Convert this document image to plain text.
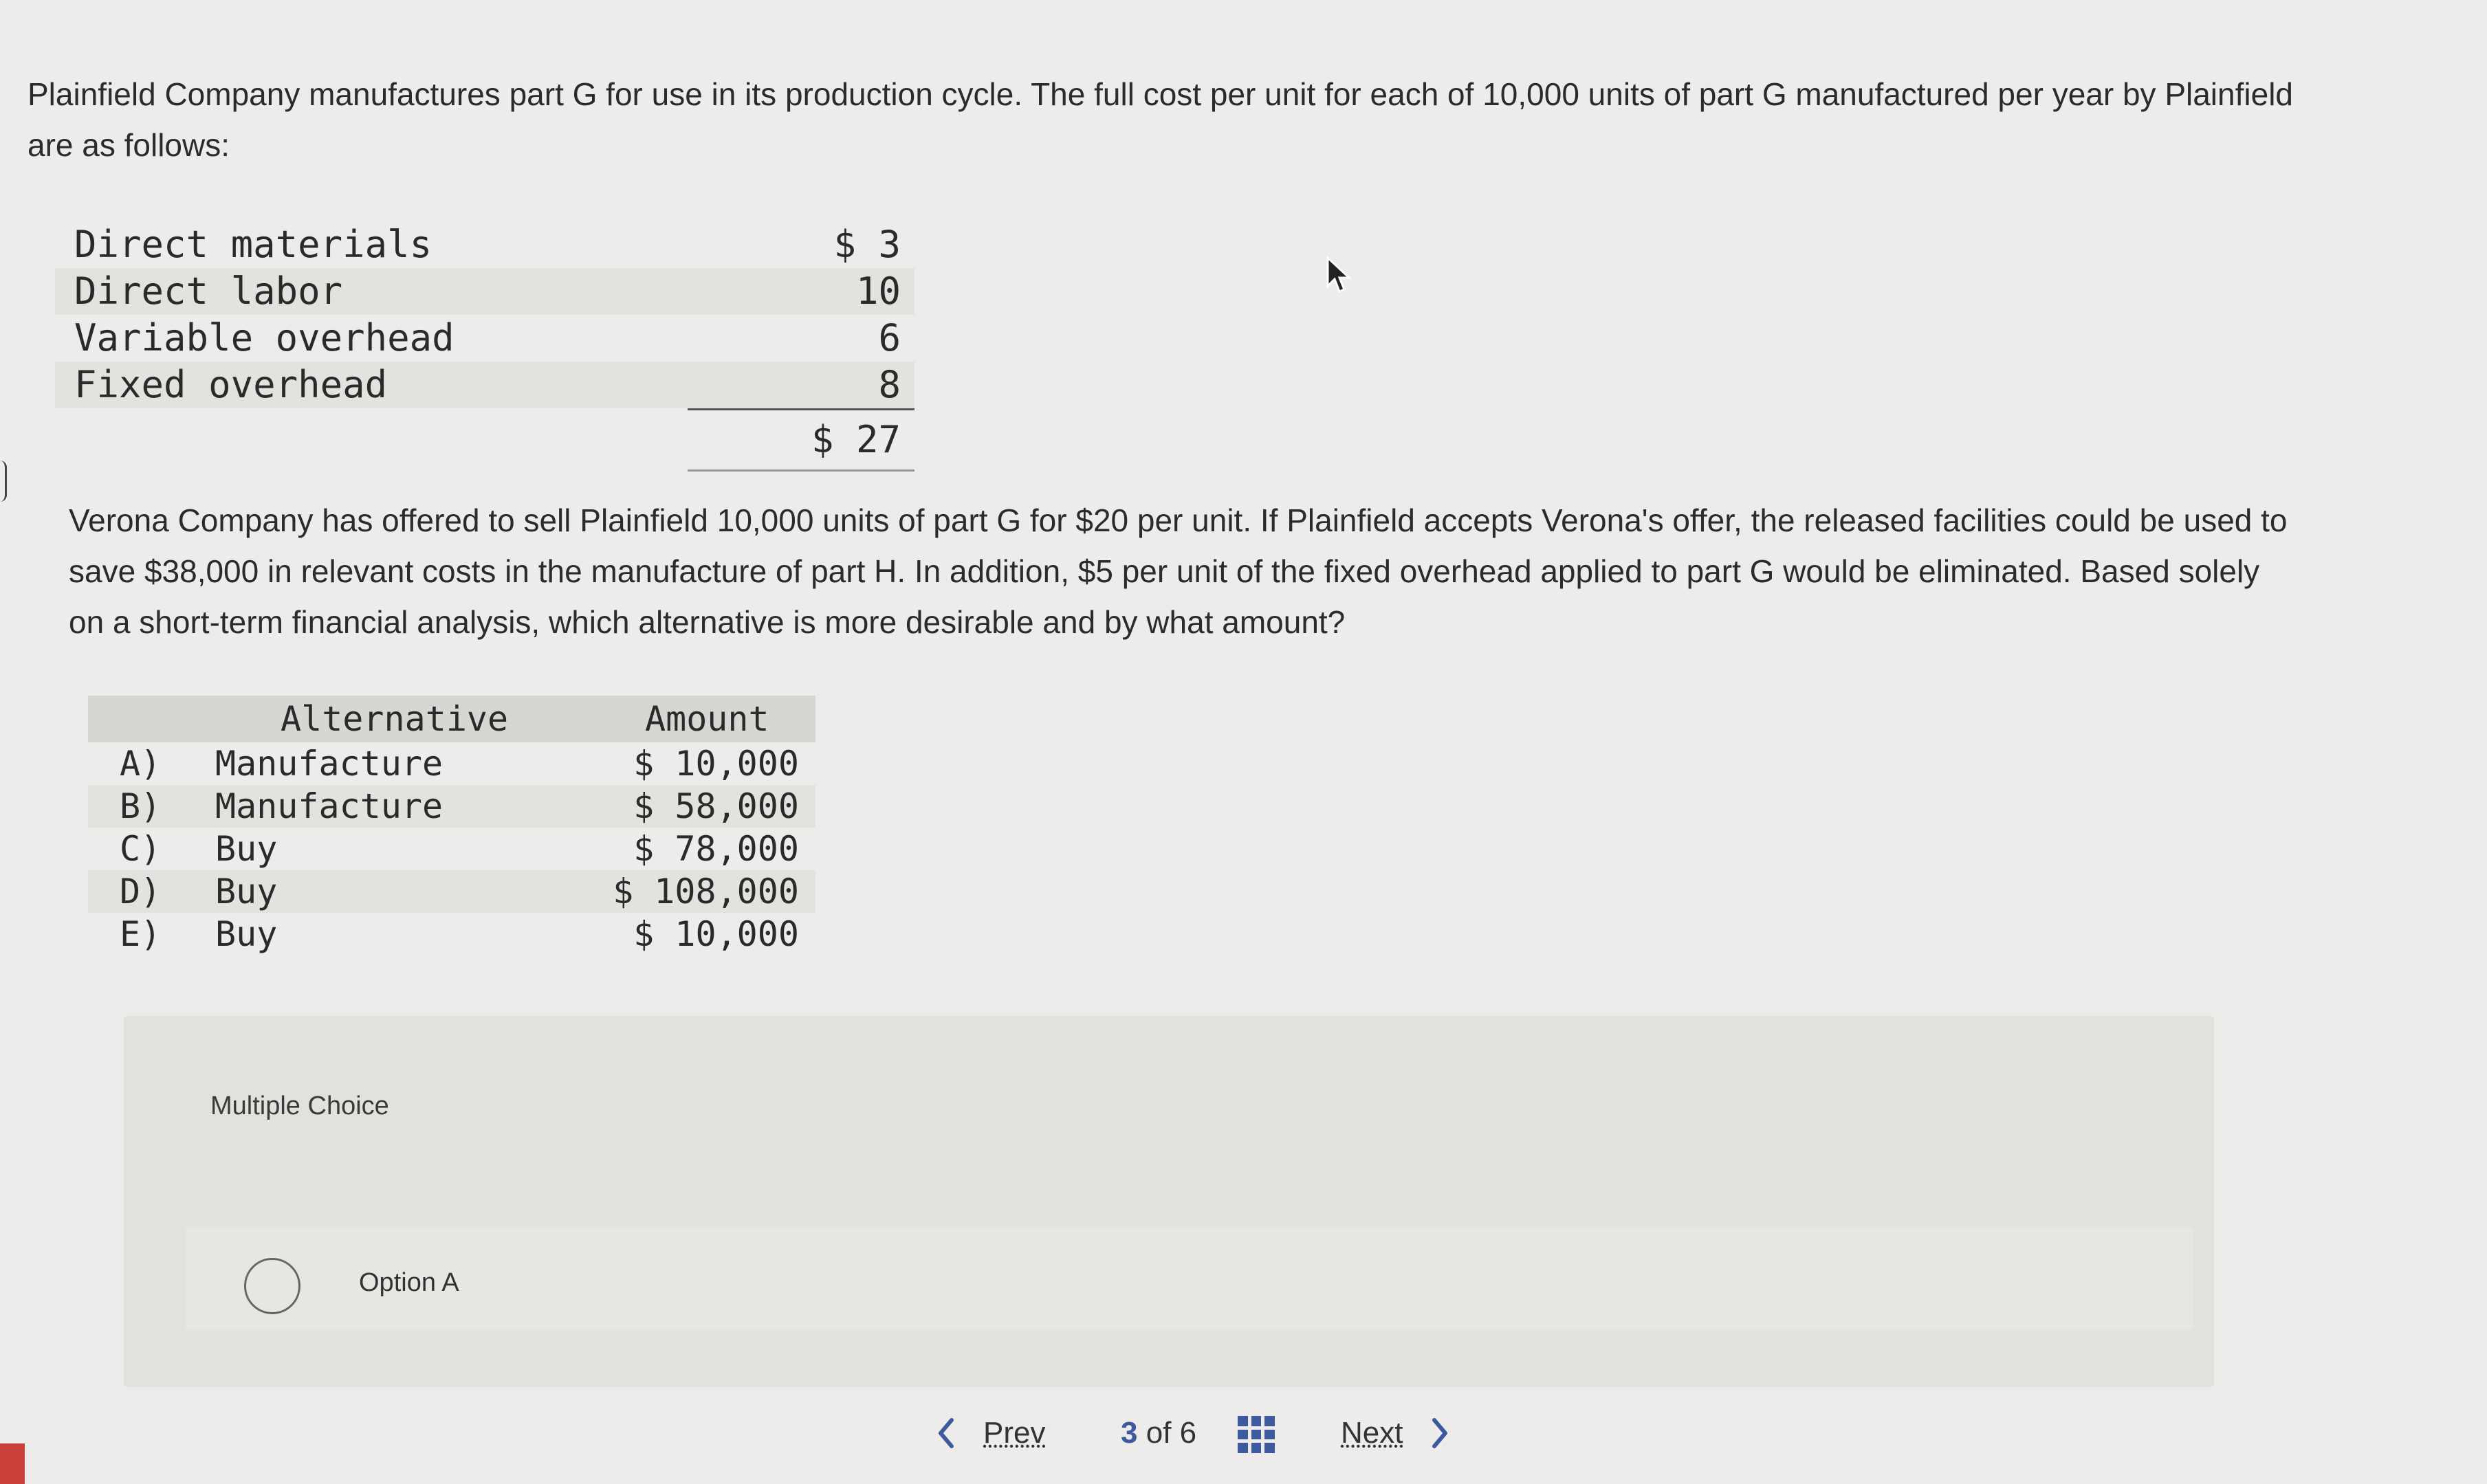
Plainfield Company manufactures part G for use in its production cycle. The full cost per unit for each of 10,000 units of part G manufactured per year by Plainfield are as follows:

Direct materials	$ 3
Direct labor	10
Variable overhead	6
Fixed overhead	8
$ 27

Verona Company has offered to sell Plainfield 10,000 units of part G for $20 per unit. If Plainfield accepts Verona's offer, the released facilities could be used to save $38,000 in relevant costs in the manufacture of part H. In addition, $5 per unit of the fixed overhead applied to part G would be eliminated. Based solely on a short-term financial analysis, which alternative is more desirable and by what amount?

Alternative	Amount
A) Manufacture	$ 10,000
B) Manufacture	$ 58,000
C) Buy	$ 78,000
D) Buy	$ 108,000
E) Buy	$ 10,000
Multiple Choice
Option A
Prev 3 of 6	Next
